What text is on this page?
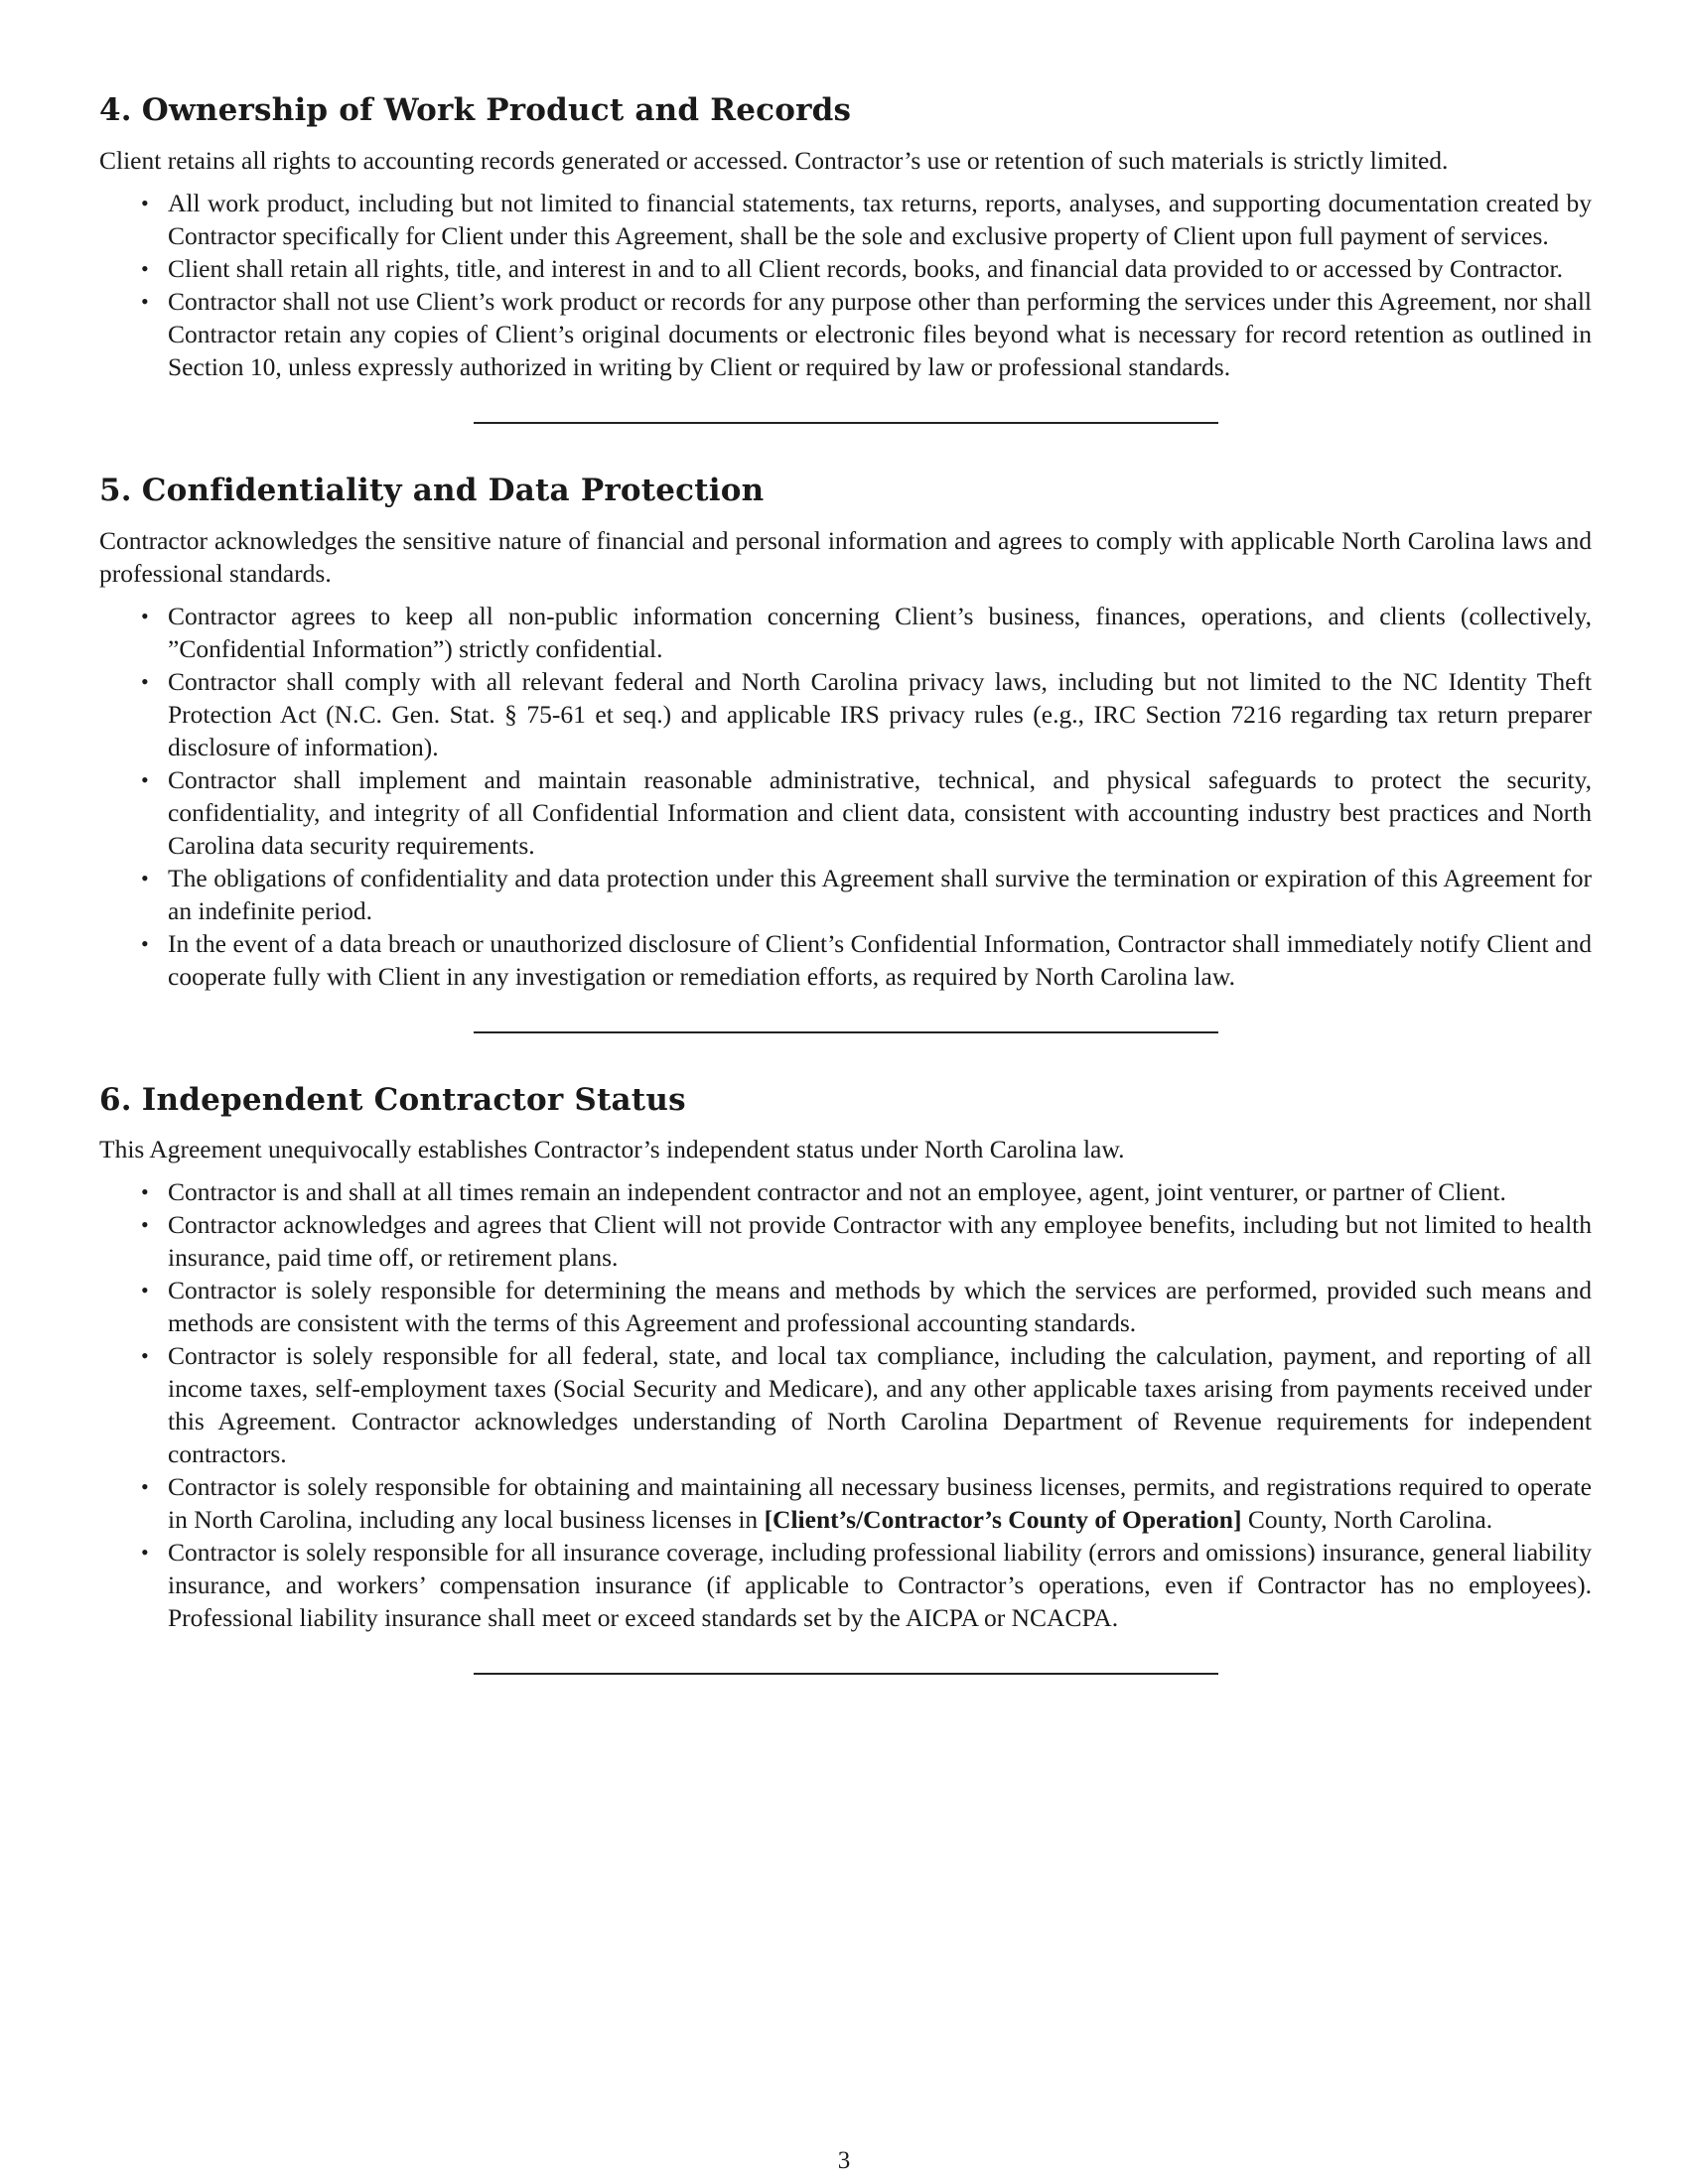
4. Ownership of Work Product and Records

Client retains all rights to accounting records generated or accessed. Contractor’s use or retention of such materials is strictly limited.

• All work product, including but not limited to financial statements, tax returns, reports, analyses, and supporting documentation created by Contractor specifically for Client under this Agreement, shall be the sole and exclusive property of Client upon full payment of services.
• Client shall retain all rights, title, and interest in and to all Client records, books, and financial data provided to or accessed by Contractor.
• Contractor shall not use Client’s work product or records for any purpose other than performing the services under this Agreement, nor shall Contractor retain any copies of Client’s original documents or electronic files beyond what is necessary for record retention as outlined in Section 10, unless expressly authorized in writing by Client or required by law or professional standards.
5. Confidentiality and Data Protection

Contractor acknowledges the sensitive nature of financial and personal information and agrees to comply with applicable North Carolina laws and professional standards.

• Contractor agrees to keep all non-public information concerning Client’s business, finances, operations, and clients (collectively, ”Confidential Information”) strictly confidential.
• Contractor shall comply with all relevant federal and North Carolina privacy laws, including but not limited to the NC Identity Theft Protection Act (N.C. Gen. Stat. § 75-61 et seq.) and applicable IRS privacy rules (e.g., IRC Section 7216 regarding tax return preparer disclosure of information).
• Contractor shall implement and maintain reasonable administrative, technical, and physical safeguards to protect the security, confidentiality, and integrity of all Confidential Information and client data, consistent with accounting industry best practices and North Carolina data security requirements.
• The obligations of confidentiality and data protection under this Agreement shall survive the termination or expiration of this Agreement for an indefinite period.
• In the event of a data breach or unauthorized disclosure of Client’s Confidential Information, Contractor shall immediately notify Client and cooperate fully with Client in any investigation or remediation efforts, as required by North Carolina law.
6. Independent Contractor Status

This Agreement unequivocally establishes Contractor’s independent status under North Carolina law.

• Contractor is and shall at all times remain an independent contractor and not an employee, agent, joint venturer, or partner of Client.
• Contractor acknowledges and agrees that Client will not provide Contractor with any employee benefits, including but not limited to health insurance, paid time off, or retirement plans.
• Contractor is solely responsible for determining the means and methods by which the services are performed, provided such means and methods are consistent with the terms of this Agreement and professional accounting standards.
• Contractor is solely responsible for all federal, state, and local tax compliance, including the calculation, payment, and reporting of all income taxes, self-employment taxes (Social Security and Medicare), and any other applicable taxes arising from payments received under this Agreement. Contractor acknowledges understanding of North Carolina Department of Revenue requirements for independent contractors.
• Contractor is solely responsible for obtaining and maintaining all necessary business licenses, permits, and registrations required to operate in North Carolina, including any local business licenses in [Client’s/Contractor’s County of Operation] County, North Carolina.
• Contractor is solely responsible for all insurance coverage, including professional liability (errors and omissions) insurance, general liability insurance, and workers’ compensation insurance (if applicable to Contractor’s operations, even if Contractor has no employees). Professional liability insurance shall meet or exceed standards set by the AICPA or NCACPA.
3
